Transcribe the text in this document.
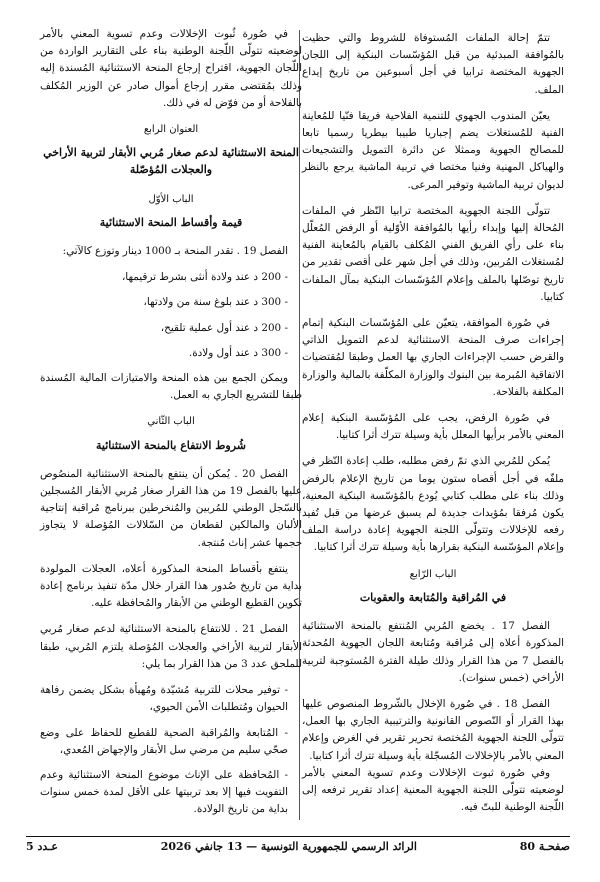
تتمّ إحالة الملفات المُستوفاة للشروط والتي حظيت بالمُوافقة المبدئية من قبل المُؤسّسات البنكية إلى اللجان الجهوية المختصة ترابيا في أجل أسبوعين من تاريخ إيداع الملف.

يعيّن المندوب الجهوي للتنمية الفلاحية فريقا فنّيا للمُعاينة الفنية للمُستغلات يضم إجباريا طبيبا بيطريا رسميا تابعا للمصالح الجهوية وممثلا عن دائرة التمويل والتشجيعات والهياكل المهنية وفنيا مختصا في تربية الماشية يرجع بالنظر لديوان تربية الماشية وتوفير المرعى.

تتولّى اللجنة الجهوية المختصة ترابيا النّظر في الملفات المُحالة إليها وإبداء رأيها بالمُوافقة الأوّلية أو الرفض المُعلّل بناء على رأي الفريق الفني المُكلف بالقيام بالمُعاينة الفنية لمُستغلات المُربين، وذلك في أجل شهر على أقصى تقدير من تاريخ توصّلها بالملف وإعلام المُؤسّسات البنكية بمآل الملفات كتابيا.

في صُورة الموافقة، يتعيّن على المُؤسّسات البنكية إتمام إجراءات صرف المنحة الاستثنائية لدعم التمويل الذاتي والقرض حسب الإجراءات الجاري بها العمل وطبقا لمُقتضيات الاتفاقية المُبرمة بين البنوك والوزارة المكلّفة بالمالية والوزارة المكلفة بالفلاحة.

في صُورة الرفض، يجب على المُؤسّسة البنكية إعلام المعني بالأمر برأيها المعلل بأية وسيلة تترك أثرا كتابيا.

يُمكن للمُربي الذي تمّ رفض مطلبه، طلب إعادة النّظر في ملفّه في أجل أقصاه ستون يوما من تاريخ الإعلام بالرفض وذلك بناء على مطلب كتابي يُودع بالمُؤسّسة البنكية المعنية، يكون مُرفقا بمُؤيدات جديدة لم يسبق عرضها من قبل تُفيد رفعه للإخلالات وتتولّى اللجنة الجهوية إعادة دراسة الملف وإعلام المؤسّسة البنكية بقرارها بأية وسيلة تترك أثرا كتابيا.

الباب الرّابع
في المُراقبة والمُتابعة والعقوبات

الفصل 17 . يخضع المُربي المُنتفع بالمنحة الاستثنائية المذكورة أعلاه إلى مُراقبة ومُتابعة اللجان الجهوية المُحدثة بالفصل 7 من هذا القرار وذلك طيلة الفترة المُستوجبة لتربية الأراخي (خمس سنوات).

الفصل 18 . في صُورة الإخلال بالشّروط المنصوص عليها بهذا القرار أو النّصوص القانونية والترتيبية الجاري بها العمل، تتولّى اللجنة الجهوية المُختصة تحرير تقرير في الغرض وإعلام المعني بالأمر بالإخلالات المُسجّلة بأية وسيلة تترك أثرا كتابيا.

وفي صُورة ثبوت الإخلالات وعدم تسوية المعني بالأمر لوضعيته تتولّى اللجنة الجهوية المعنية إعداد تقرير ترفعه إلى اللّجنة الوطنية للبتّ فيه.

في صُورة ثُبوت الإخلالات وعدم تسوية المعني بالأمر لوضعيته تتولّى اللّجنة الوطنية بناء على التقارير الواردة من اللّجان الجهوية، اقتراح إرجاع المنحة الاستثنائية المُسندة إليه وذلك بمُقتضى مقرر إرجاع أموال صادر عن الوزير المُكلف بالفلاحة أو من فوّض له في ذلك.

العنوان الرابع
المنحة الاستثنائية لدعم صغار مُربي الأبقار لتربية الأراخي والعجلات المُؤصّلة
الباب الأوّل
قيمة وأقساط المنحة الاستثنائية

الفصل 19 . تقدر المنحة بـ 1000 دينار وتوزع كالآتي:

- 200 د عند ولادة أنثى بشرط ترقيمها،
- 300 د عند بلوغ سنة من ولادتها،
- 200 د عند أول عملية تلقيح،
- 300 د عند أول ولادة.

ويمكن الجمع بين هذه المنحة والامتيازات المالية المُسندة طبقا للتشريع الجاري به العمل.

الباب الثّاني
شُروط الانتفاع بالمنحة الاستثنائية

الفصل 20 . يُمكن أن ينتفع بالمنحة الاستثنائية المنصُوص عليها بالفصل 19 من هذا القرار صغار مُربي الأبقار المُسجلين بالسّجل الوطني للمُربين والمُنخرطين ببرنامج مُراقبة إنتاجية الألبان والمالكين لقطعان من السّلالات المُؤصلة لا يتجاوز حجمها عشر إناث مُنتجة.

ينتفع بأقساط المنحة المذكورة أعلاه، العجلات المولودة بداية من تاريخ صُدور هذا القرار خلال مدّة تنفيذ برنامج إعادة تكوين القطيع الوطني من الأبقار والمُحافظة عليه.

الفصل 21 . للانتفاع بالمنحة الاستثنائية لدعم صغار مُربي الأبقار لتربية الأراخي والعجلات المُؤصلة يلتزم المُربي، طبقا للملحق عدد 3 من هذا القرار بما يلي:

- توفير محلات للتربية مُشيّدة ومُهيأة بشكل يضمن رفاهة الحيوان ومُتطلبات الأمن الحيوي،
- المُتابعة والمُراقبة الصحية للقطيع للحفاظ على وضع صحّي سليم من مرضي سل الأبقار والإجهاض المُعدي،
- المُحافظة على الإناث موضوع المنحة الاستثنائية وعدم التفويت فيها إلا بعد تربيتها على الأقل لمدة خمس سنوات بداية من تاريخ الولادة.
صفحـة 80
الرائد الرسمي للجمهورية التونسية — 13 جانفي 2026
عـدد 5
